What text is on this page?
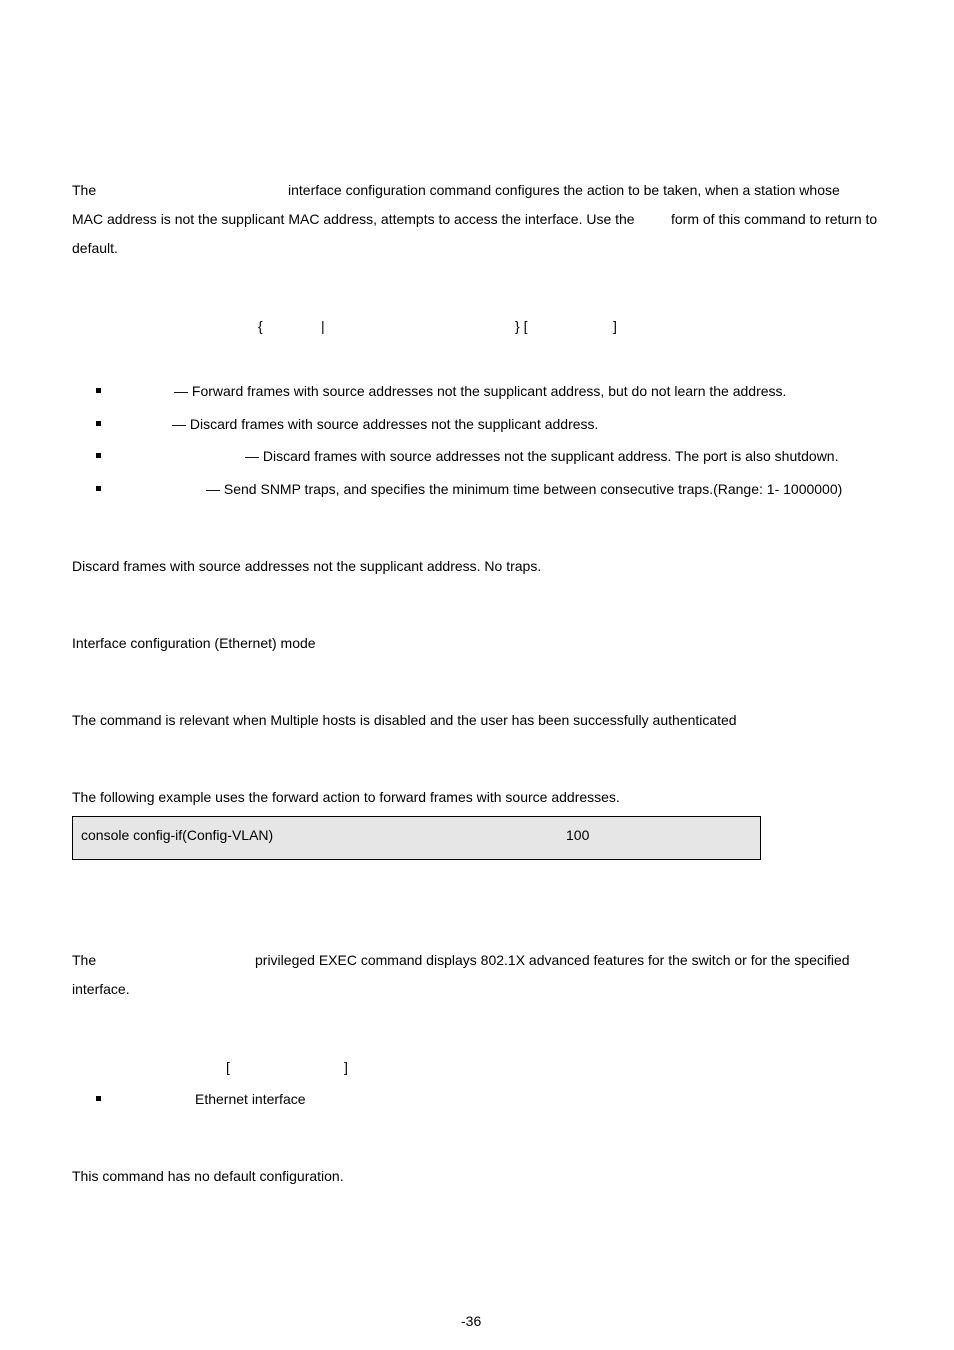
The	interface configuration command configures the action to be taken, when a station whose
MAC address is not the supplicant MAC address, attempts to access the interface. Use the	form of this command to return to
default.
{	|	} [	]
— Forward frames with source addresses not the supplicant address, but do not learn the address.
— Discard frames with source addresses not the supplicant address.
— Discard frames with source addresses not the supplicant address. The port is also shutdown.
— Send SNMP traps, and specifies the minimum time between consecutive traps.(Range: 1- 1000000)
Discard frames with source addresses not the supplicant address. No traps.
Interface configuration (Ethernet) mode
The command is relevant when Multiple hosts is disabled and the user has been successfully authenticated
The following example uses the forward action to forward frames with source addresses.
console config-if(Config-VLAN)	100
The	privileged EXEC command displays 802.1X advanced features for the switch or for the specified
interface.
[	]
Ethernet interface
This command has no default configuration.
-36
